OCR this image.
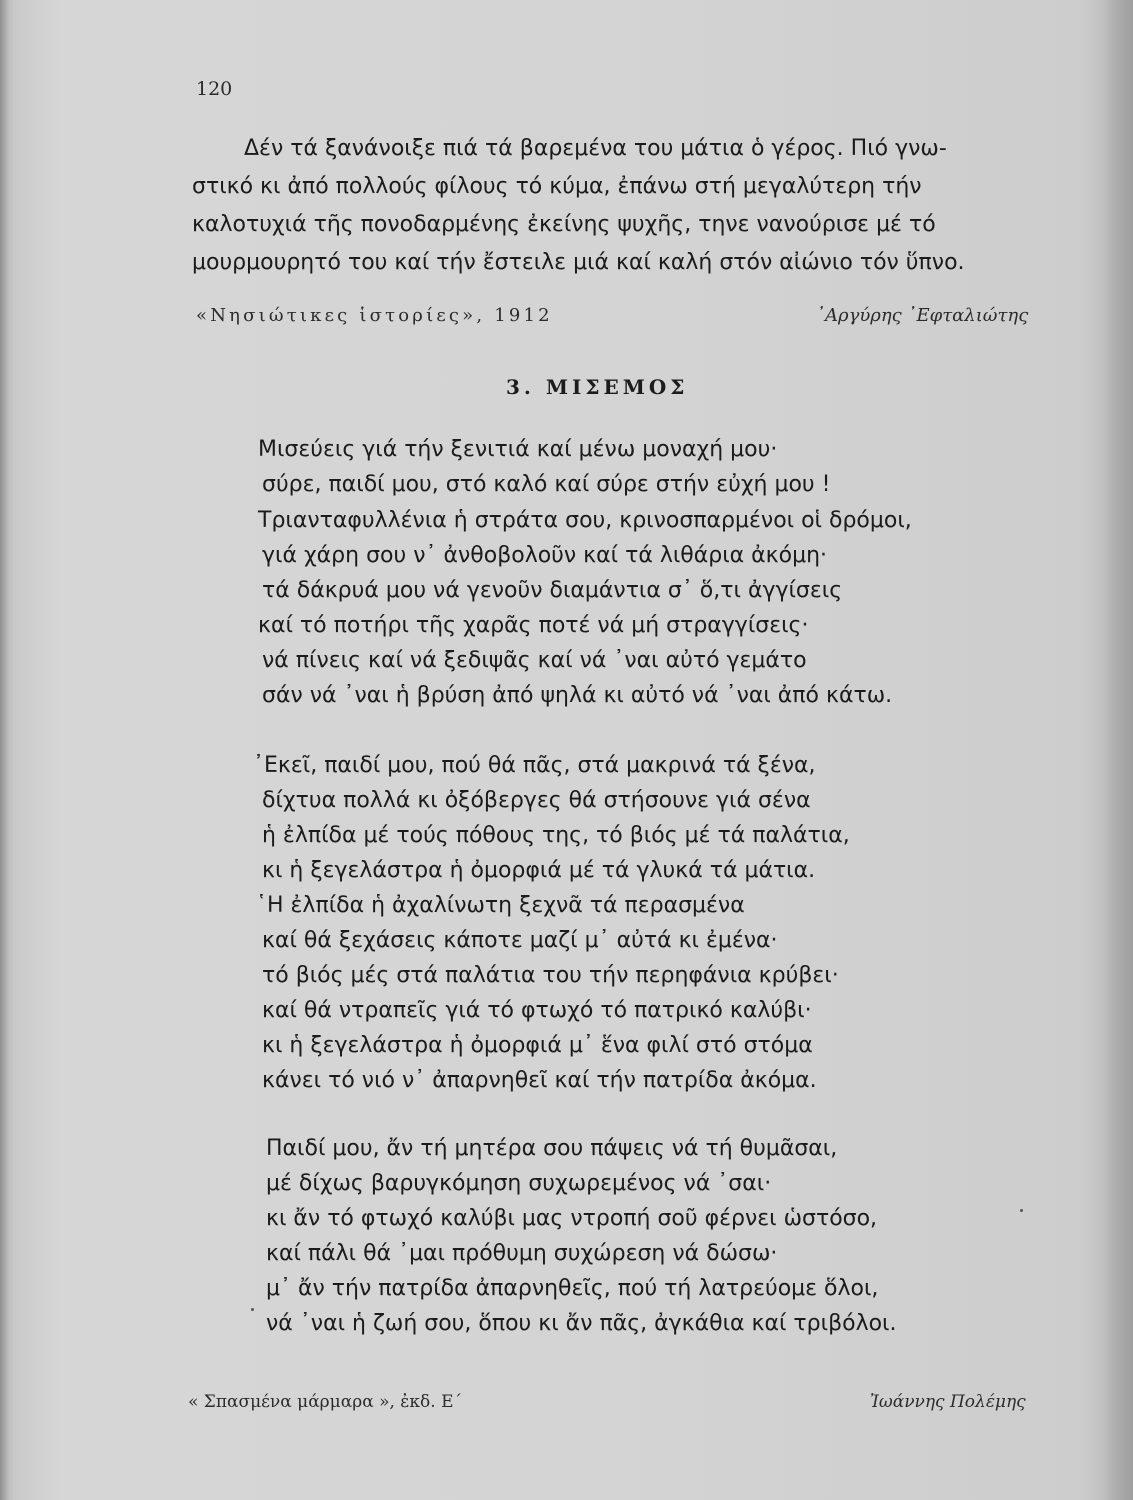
120
Δέν τά ξανάνοιξε πιά τά βαρεμένα του μάτια ὁ γέρος. Πιό γνω-
στικό κι ἀπό πολλούς φίλους τό κύμα, ἐπάνω στή μεγαλύτερη τήν
καλοτυχιά τῆς πονοδαρμένης ἐκείνης ψυχῆς, τηνε νανούρισε μέ τό
μουρμουρητό του καί τήν ἔστειλε μιά καί καλή στόν αἰώνιο τόν ὕπνο.
«Νησιώτικες ἱστορίες», 1912	᾿Αργύρης ᾿Εφταλιώτης
3. ΜΙΣΕΜΟΣ
Μισεύεις γιά τήν ξενιτιά καί μένω μοναχή μου·
σύρε, παιδί μου, στό καλό καί σύρε στήν εὐχή μου !
Τριανταφυλλένια ἡ στράτα σου, κρινοσπαρμένοι οἱ δρόμοι,
γιά χάρη σου ν᾿ ἀνθοβολοῦν καί τά λιθάρια ἀκόμη·
τά δάκρυά μου νά γενοῦν διαμάντια σ᾿ ὅ,τι ἀγγίσεις
καί τό ποτήρι τῆς χαρᾶς ποτέ νά μή στραγγίσεις·
νά πίνεις καί νά ξεδιψᾶς καί νά ᾿ναι αὐτό γεμάτο
σάν νά ᾿ναι ἡ βρύση ἀπό ψηλά κι αὐτό νά ᾿ναι ἀπό κάτω.
᾿Εκεῖ, παιδί μου, πού θά πᾶς, στά μακρινά τά ξένα,
δίχτυα πολλά κι ὀξόβεργες θά στήσουνε γιά σένα
ἡ ἐλπίδα μέ τούς πόθους της, τό βιός μέ τά παλάτια,
κι ἡ ξεγελάστρα ἡ ὀμορφιά μέ τά γλυκά τά μάτια.
῾Η ἐλπίδα ἡ ἀχαλίνωτη ξεχνᾶ τά περασμένα
καί θά ξεχάσεις κάποτε μαζί μ᾿ αὐτά κι ἐμένα·
τό βιός μές στά παλάτια του τήν περηφάνια κρύβει·
καί θά ντραπεῖς γιά τό φτωχό τό πατρικό καλύβι·
κι ἡ ξεγελάστρα ἡ ὀμορφιά μ᾿ ἕνα φιλί στό στόμα
κάνει τό νιό ν᾿ ἀπαρνηθεῖ καί τήν πατρίδα ἀκόμα.
Παιδί μου, ἄν τή μητέρα σου πάψεις νά τή θυμᾶσαι,
μέ δίχως βαρυγκόμηση συχωρεμένος νά ᾿σαι·
κι ἄν τό φτωχό καλύβι μας ντροπή σοῦ φέρνει ὡστόσο,
καί πάλι θά ᾿μαι πρόθυμη συχώρεση νά δώσω·
μ᾿ ἄν τήν πατρίδα ἀπαρνηθεῖς, πού τή λατρεύομε ὅλοι,
νά ᾿ναι ἡ ζωή σου, ὅπου κι ἄν πᾶς, ἀγκάθια καί τριβόλοι.
« Σπασμένα μάρμαρα », ἐκδ. Ε΄	Ἰωάννης Πολέμης
